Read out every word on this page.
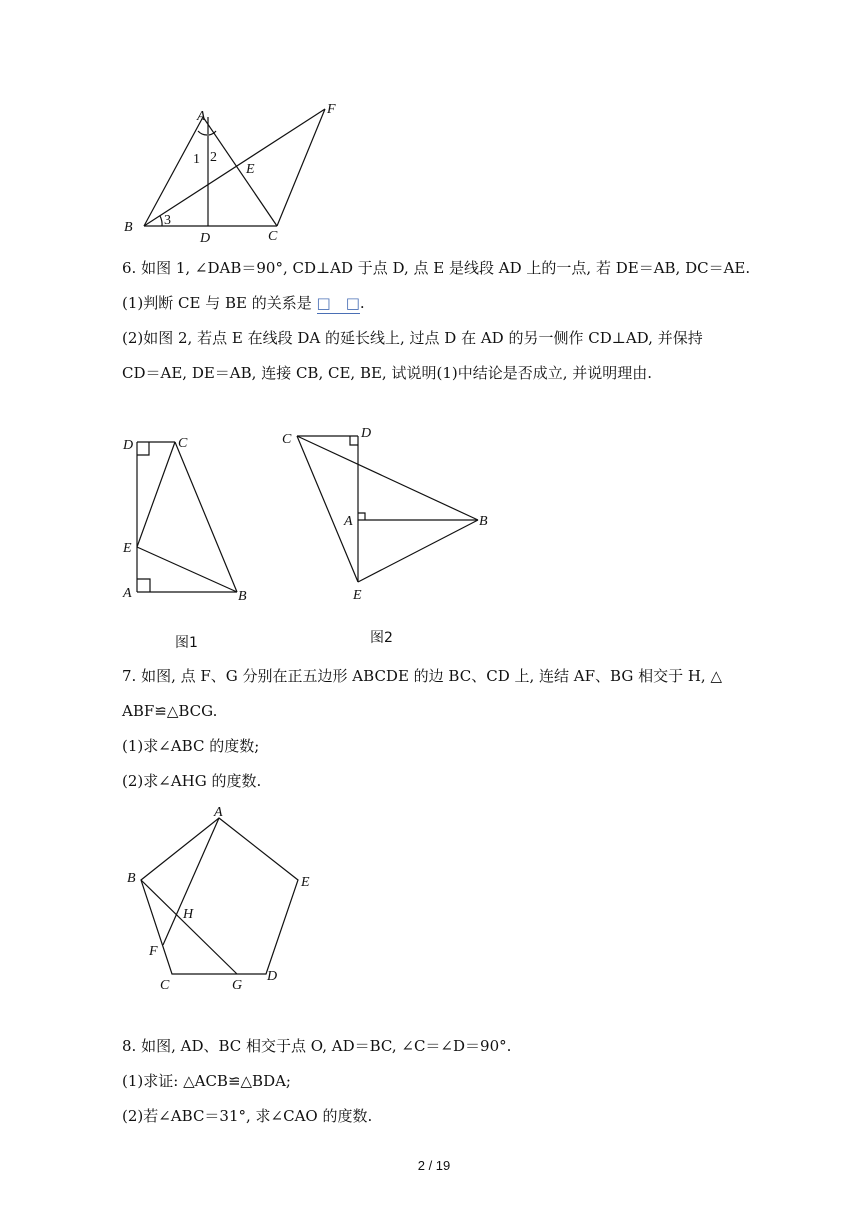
A	F
E
B
D	C
1 2
3
6. 如图 1, ∠DAB＝90°, CD⊥AD 于点 D, 点 E 是线段 AD 上的一点, 若 DE＝AB, DC＝AE.
(1)判断 CE 与 BE 的关系是 □　□.
(2)如图 2, 若点 E 在线段 DA 的延长线上, 过点 D 在 AD 的另一侧作 CD⊥AD, 并保持
CD＝AE, DE＝AB, 连接 CB, CE, BE, 试说明(1)中结论是否成立, 并说明理由.
D	C
E
A	B
图1
C	D
A	B
E
图2
7. 如图, 点 F、G 分别在正五边形 ABCDE 的边 BC、CD 上, 连结 AF、BG 相交于 H, △
ABF≌△BCG.
(1)求∠ABC 的度数;
(2)求∠AHG 的度数.
A
B	E
H
F
C	G
D
8. 如图, AD、BC 相交于点 O, AD＝BC, ∠C＝∠D＝90°.
(1)求证: △ACB≌△BDA;
(2)若∠ABC＝31°, 求∠CAO 的度数.
2 / 19
